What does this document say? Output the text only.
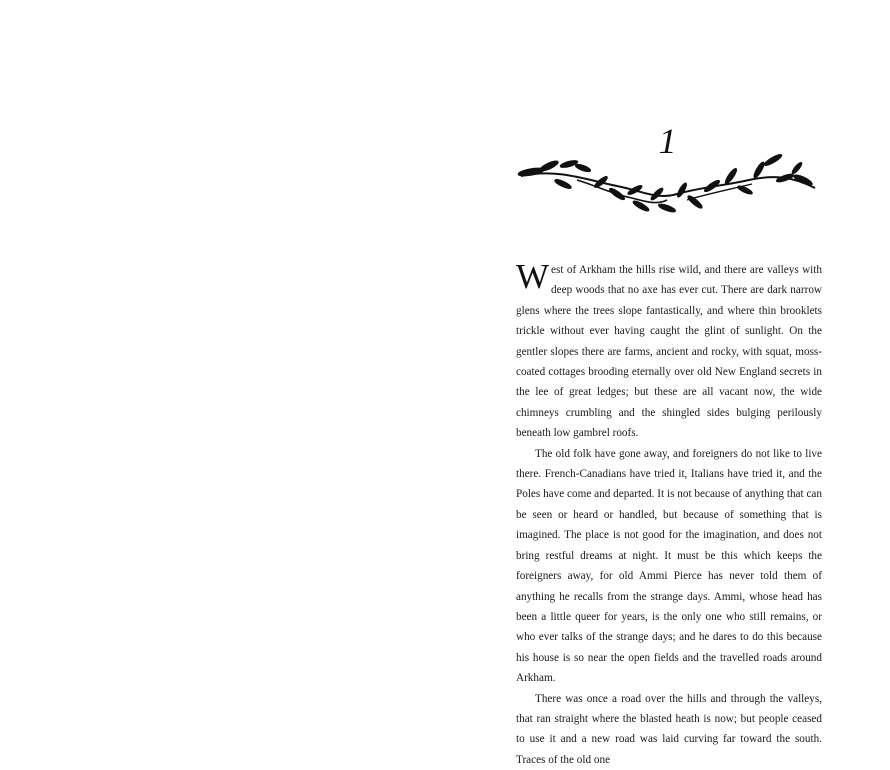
1

West of Arkham the hills rise wild, and there are valleys with deep woods that no axe has ever cut. There are dark narrow glens where the trees slope fantastically, and where thin brooklets trickle without ever having caught the glint of sunlight. On the gentler slopes there are farms, ancient and rocky, with squat, moss-coated cottages brooding eternally over old New England secrets in the lee of great ledges; but these are all vacant now, the wide chimneys crumbling and the shingled sides bulging perilously beneath low gambrel roofs.

The old folk have gone away, and foreigners do not like to live there. French-Canadians have tried it, Italians have tried it, and the Poles have come and departed. It is not because of anything that can be seen or heard or handled, but because of something that is imagined. The place is not good for the imagination, and does not bring restful dreams at night. It must be this which keeps the foreigners away, for old Ammi Pierce has never told them of anything he recalls from the strange days. Ammi, whose head has been a little queer for years, is the only one who still remains, or who ever talks of the strange days; and he dares to do this because his house is so near the open fields and the travelled roads around Arkham.

There was once a road over the hills and through the valleys, that ran straight where the blasted heath is now; but people ceased to use it and a new road was laid curving far toward the south. Traces of the old one
